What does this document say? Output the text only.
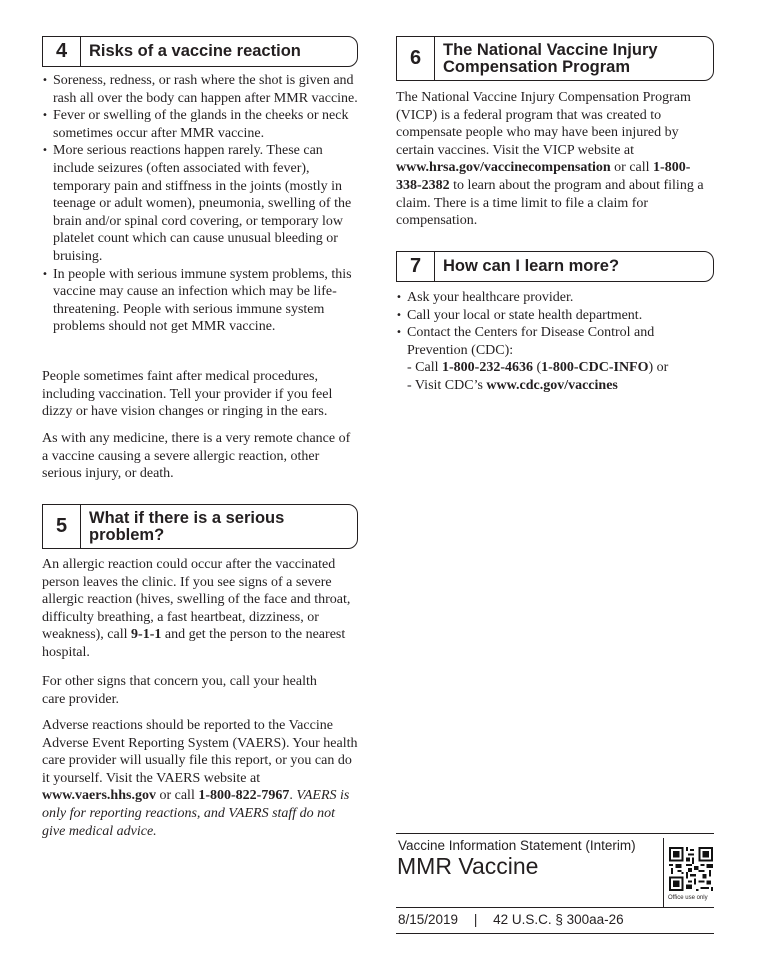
4	Risks of a vaccine reaction
• Soreness, redness, or rash where the shot is given and rash all over the body can happen after MMR vaccine.
• Fever or swelling of the glands in the cheeks or neck sometimes occur after MMR vaccine.
• More serious reactions happen rarely. These can include seizures (often associated with fever), temporary pain and stiffness in the joints (mostly in teenage or adult women), pneumonia, swelling of the brain and/or spinal cord covering, or temporary low platelet count which can cause unusual bleeding or bruising.
• In people with serious immune system problems, this vaccine may cause an infection which may be life-threatening. People with serious immune system problems should not get MMR vaccine.

People sometimes faint after medical procedures, including vaccination. Tell your provider if you feel dizzy or have vision changes or ringing in the ears.

As with any medicine, there is a very remote chance of a vaccine causing a severe allergic reaction, other serious injury, or death.

5	What if there is a serious problem?

An allergic reaction could occur after the vaccinated person leaves the clinic. If you see signs of a severe allergic reaction (hives, swelling of the face and throat, difficulty breathing, a fast heartbeat, dizziness, or weakness), call 9-1-1 and get the person to the nearest hospital.

For other signs that concern you, call your health care provider.

Adverse reactions should be reported to the Vaccine Adverse Event Reporting System (VAERS). Your health care provider will usually file this report, or you can do it yourself. Visit the VAERS website at www.vaers.hhs.gov or call 1-800-822-7967. VAERS is only for reporting reactions, and VAERS staff do not give medical advice.

6	The National Vaccine Injury Compensation Program

The National Vaccine Injury Compensation Program (VICP) is a federal program that was created to compensate people who may have been injured by certain vaccines. Visit the VICP website at www.hrsa.gov/vaccinecompensation or call 1-800-338-2382 to learn about the program and about filing a claim. There is a time limit to file a claim for compensation.

7	How can I learn more?
• Ask your healthcare provider.
• Call your local or state health department.
• Contact the Centers for Disease Control and Prevention (CDC):
- Call 1-800-232-4636 (1-800-CDC-INFO) or
- Visit CDC’s www.cdc.gov/vaccines
Vaccine Information Statement (Interim)
MMR Vaccine
Office use only
8/15/2019 | 42 U.S.C. § 300aa-26
